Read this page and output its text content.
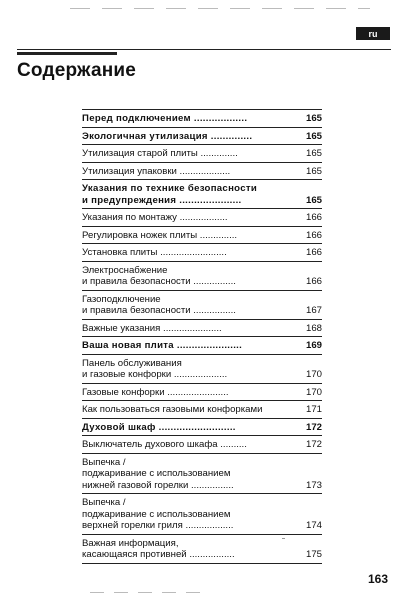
ru
Содержание
Перед подключением ..................	165
Экологичная утилизация ..............	165
Утилизация старой плиты ..............	165
Утилизация упаковки ...................	165
Указания по технике безопасности
и предупреждения .....................	165
Указания по монтажу ..................	166
Регулировка ножек плиты ..............	166
Установка плиты .........................	166
Электроснабжение
и правила безопасности ................	166
Газоподключение
и правила безопасности ................	167
Важные указания ......................	168
Ваша новая плита ......................	169
Панель обслуживания
и газовые конфорки ....................	170
Газовые конфорки .......................	170
Как пользоваться газовыми конфорками	171
Духовой шкаф ..........................	172
Выключатель духового шкафа ..........	172
Выпечка /
поджаривание с использованием
нижней газовой горелки ................	173
Выпечка /
поджаривание с использованием
верхней горелки гриля ..................	174
Важная информация,
касающаяся противней .................	175
163
